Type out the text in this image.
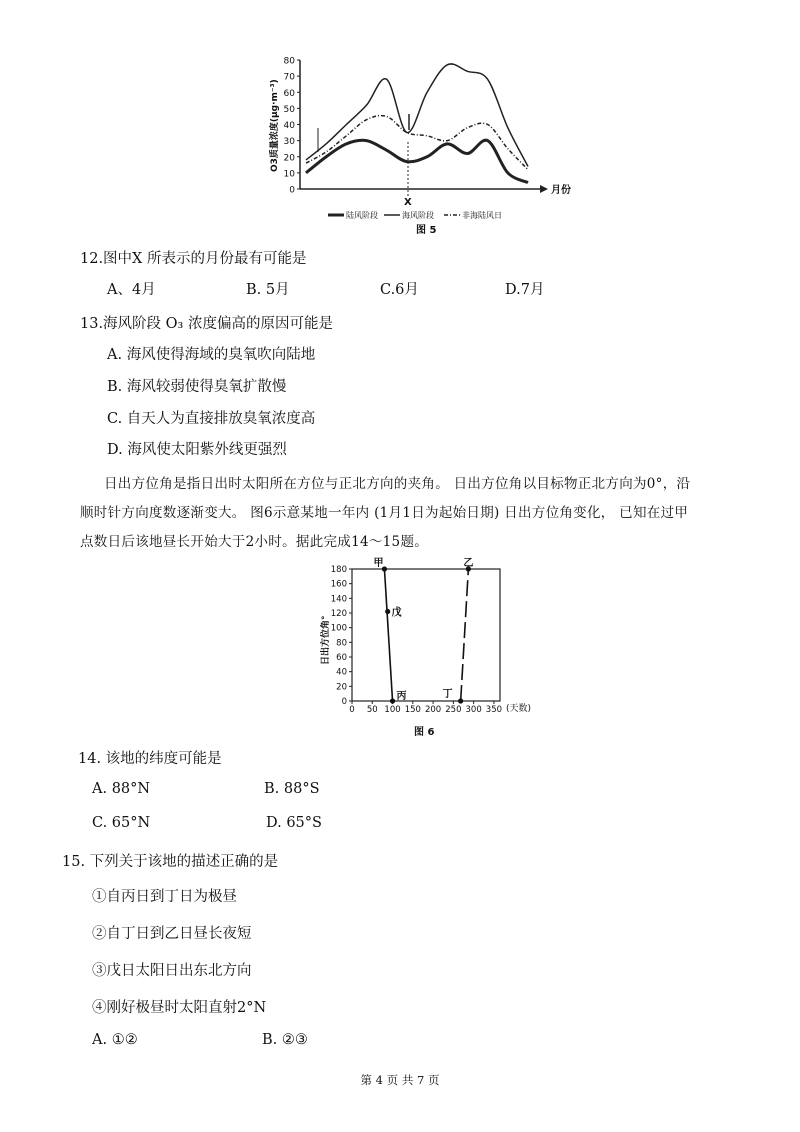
0
10
20
30
40
50
60
70
80
O3质量浓度(μg·m⁻³)
月份
X
陆风阶段	海风阶段	非海陆风日
图 5
12.图中X 所表示的月份最有可能是
A、4月	B. 5月	C.6月	D.7月
13.海风阶段 O₃ 浓度偏高的原因可能是
A. 海风使得海域的臭氧吹向陆地
B. 海风较弱使得臭氧扩散慢
C. 自天人为直接排放臭氧浓度高
D. 海风使太阳紫外线更强烈
日出方位角是指日出时太阳所在方位与正北方向的夹角。 日出方位角以目标物正北方向为0°，沿
顺时针方向度数逐渐变大。 图6示意某地一年内 (1月1日为起始日期) 日出方位角变化， 已知在过甲
点数日后该地昼长开始大于2小时。据此完成14～15题。
日出方位角°
0
20
40
60
80
100
120
140
160
180
0 50 100 150 200 250 300 350
甲
戊
丙	丁
乙
(天数)
图 6
14. 该地的纬度可能是
A. 88°N	B. 88°S
C. 65°N	D. 65°S
15. 下列关于该地的描述正确的是
①自丙日到丁日为极昼
②自丁日到乙日昼长夜短
③戊日太阳日出东北方向
④刚好极昼时太阳直射2°N
A. ①②	B. ②③
第 4 页 共 7 页
